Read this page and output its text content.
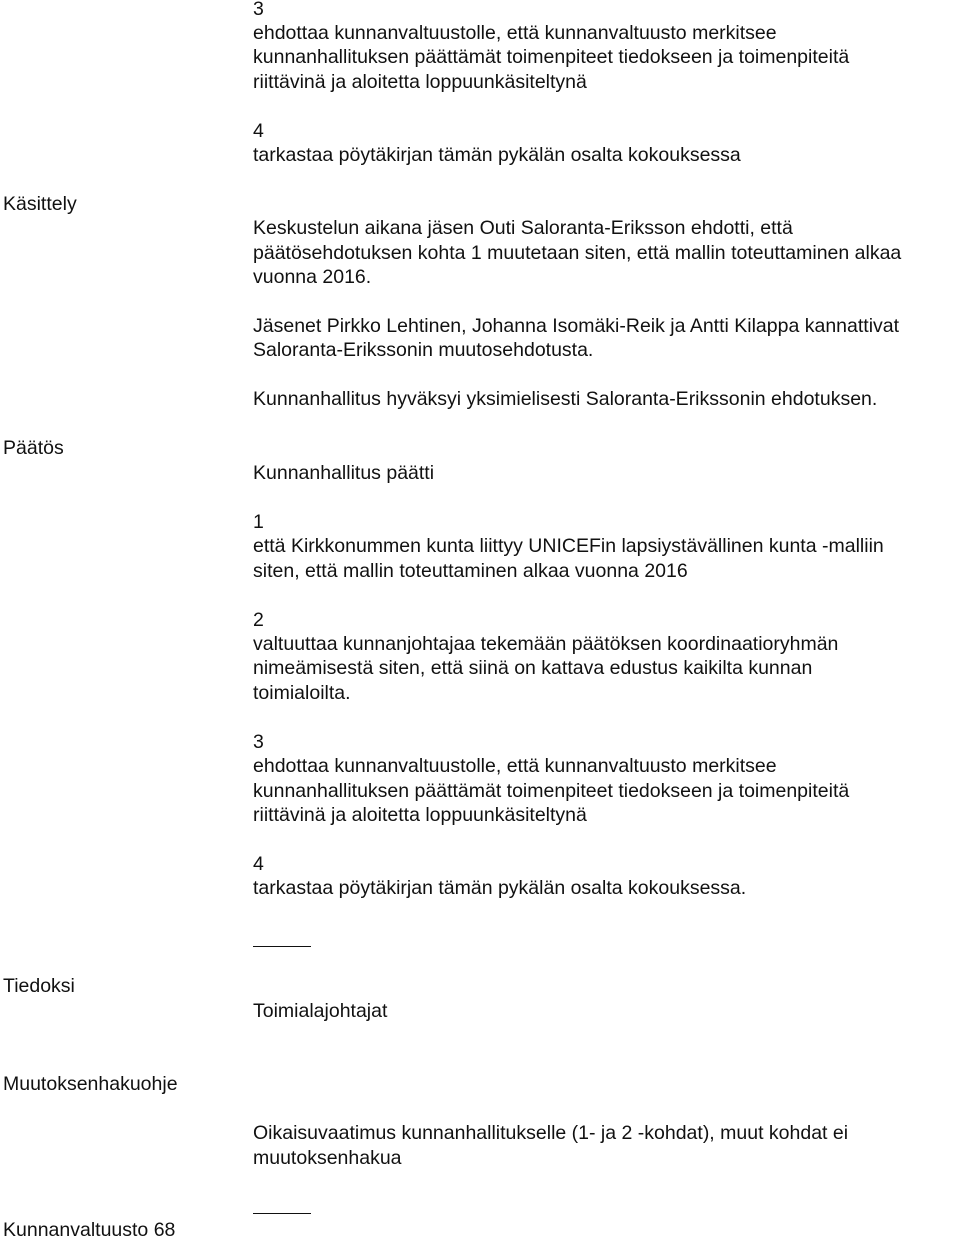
3
ehdottaa kunnanvaltuustolle, että kunnanvaltuusto merkitsee
kunnanhallituksen päättämät toimenpiteet tiedokseen ja toimenpiteitä
riittävinä ja aloitetta loppuunkäsiteltynä
4
tarkastaa pöytäkirjan tämän pykälän osalta kokouksessa
Käsittely
Keskustelun aikana jäsen Outi Saloranta-Eriksson ehdotti, että
päätösehdotuksen kohta 1 muutetaan siten, että mallin toteuttaminen alkaa
vuonna 2016.
Jäsenet Pirkko Lehtinen, Johanna Isomäki-Reik ja Antti Kilappa kannattivat
Saloranta-Erikssonin muutosehdotusta.
Kunnanhallitus hyväksyi yksimielisesti Saloranta-Erikssonin ehdotuksen.
Päätös
Kunnanhallitus päätti
1
että Kirkkonummen kunta liittyy UNICEFin lapsiystävällinen kunta -malliin
siten, että mallin toteuttaminen alkaa vuonna 2016
2
valtuuttaa kunnanjohtajaa tekemään päätöksen koordinaatioryhmän
nimeämisestä siten, että siinä on kattava edustus kaikilta kunnan
toimialoilta.
3
ehdottaa kunnanvaltuustolle, että kunnanvaltuusto merkitsee
kunnanhallituksen päättämät toimenpiteet tiedokseen ja toimenpiteitä
riittävinä ja aloitetta loppuunkäsiteltynä
4
tarkastaa pöytäkirjan tämän pykälän osalta kokouksessa.
Tiedoksi
Toimialajohtajat
Muutoksenhakuohje
Oikaisuvaatimus kunnanhallitukselle (1- ja 2 -kohdat), muut kohdat ei
muutoksenhakua
Kunnanvaltuusto 68
